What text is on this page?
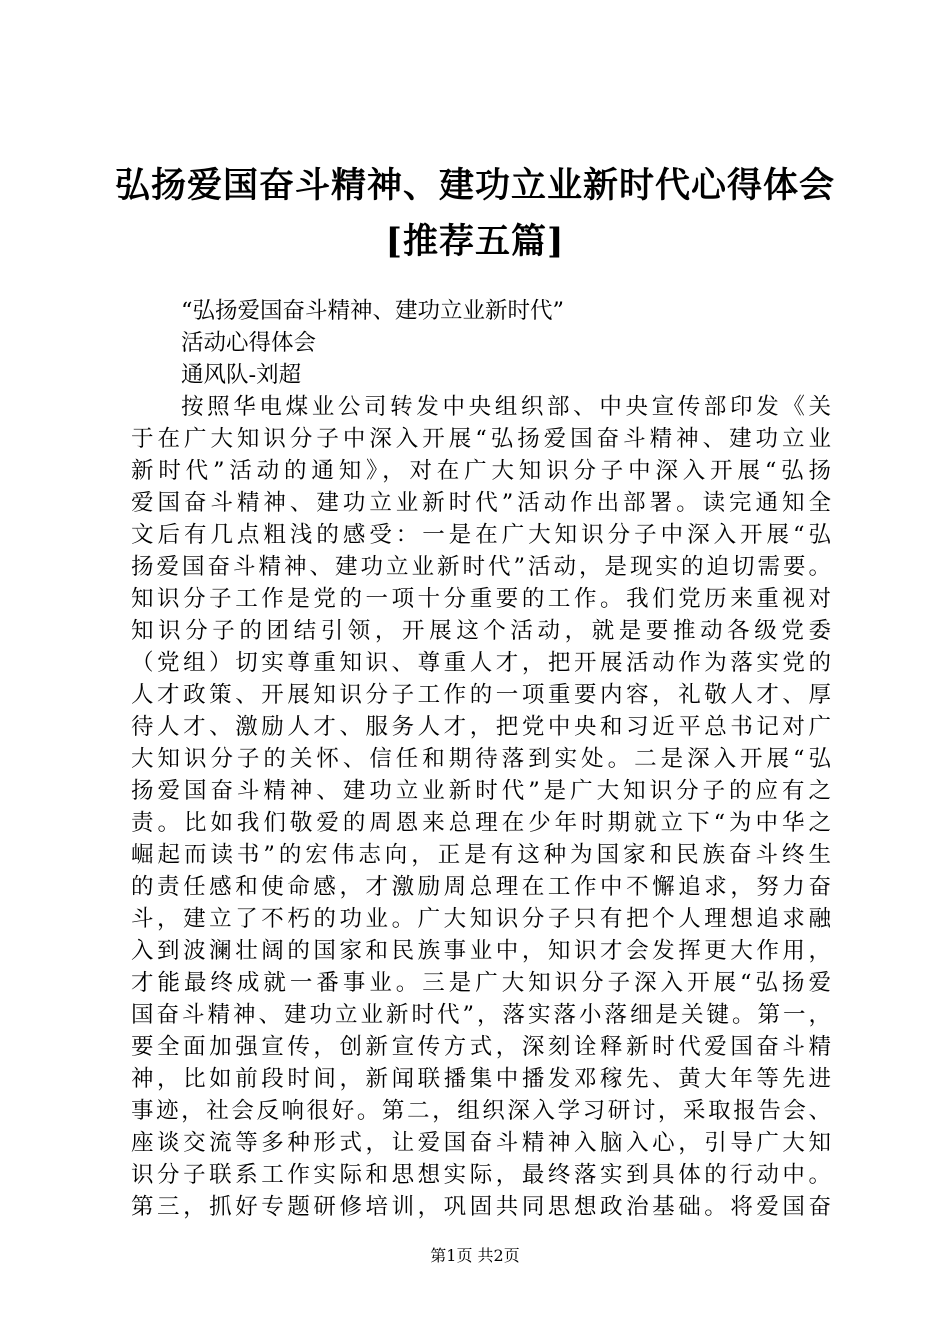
弘扬爱国奋斗精神、建功立业新时代心得体会
[推荐五篇]
“弘扬爱国奋斗精神、建功立业新时代”
活动心得体会
通风队-刘超
按照华电煤业公司转发中央组织部、中央宣传部印发《关
于在广大知识分子中深入开展“弘扬爱国奋斗精神、建功立业
新时代”活动的通知》，对在广大知识分子中深入开展“弘扬
爱国奋斗精神、建功立业新时代”活动作出部署。读完通知全
文后有几点粗浅的感受：一是在广大知识分子中深入开展“弘
扬爱国奋斗精神、建功立业新时代”活动，是现实的迫切需要。
知识分子工作是党的一项十分重要的工作。我们党历来重视对
知识分子的团结引领，开展这个活动，就是要推动各级党委
（党组）切实尊重知识、尊重人才，把开展活动作为落实党的
人才政策、开展知识分子工作的一项重要内容，礼敬人才、厚
待人才、激励人才、服务人才，把党中央和习近平总书记对广
大知识分子的关怀、信任和期待落到实处。二是深入开展“弘
扬爱国奋斗精神、建功立业新时代”是广大知识分子的应有之
责。比如我们敬爱的周恩来总理在少年时期就立下“为中华之
崛起而读书”的宏伟志向，正是有这种为国家和民族奋斗终生
的责任感和使命感，才激励周总理在工作中不懈追求，努力奋
斗，建立了不朽的功业。广大知识分子只有把个人理想追求融
入到波澜壮阔的国家和民族事业中，知识才会发挥更大作用，
才能最终成就一番事业。三是广大知识分子深入开展“弘扬爱
国奋斗精神、建功立业新时代”，落实落小落细是关键。第一，
要全面加强宣传，创新宣传方式，深刻诠释新时代爱国奋斗精
神，比如前段时间，新闻联播集中播发邓稼先、黄大年等先进
事迹，社会反响很好。第二，组织深入学习研讨，采取报告会、
座谈交流等多种形式，让爱国奋斗精神入脑入心，引导广大知
识分子联系工作实际和思想实际，最终落实到具体的行动中。
第三，抓好专题研修培训，巩固共同思想政治基础。将爱国奋
第1页 共2页
